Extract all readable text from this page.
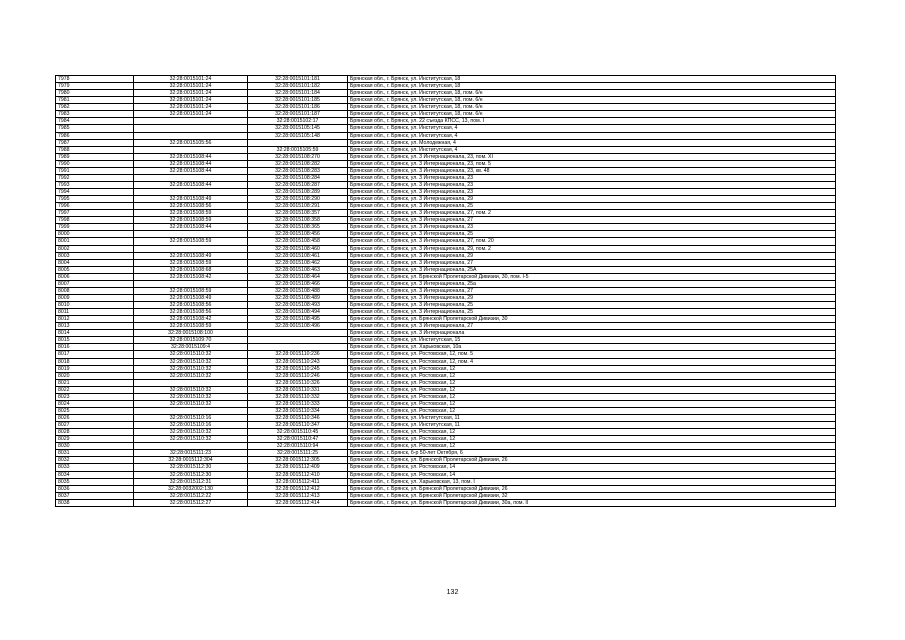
7978	32:28:0015101:24	32:28:0015101:181	Брянская обл., г. Брянск, ул. Институтская, 18
7979	32:28:0015101:24	32:28:0015101:182	Брянская обл., г. Брянск, ул. Институтская, 18
7980	32:28:0015101:24	32:28:0015101:184	Брянская обл., г. Брянск, ул. Институтская, 18, пом. 6/н
7981	32:28:0015101:24	32:28:0015101:185	Брянская обл., г. Брянск, ул. Институтская, 18, пом. 6/н
7982	32:28:0015101:24	32:28:0015101:186	Брянская обл., г. Брянск, ул. Институтская, 18, пом. 6/н
7983	32:28:0015101:24	32:28:0015101:187	Брянская обл., г. Брянск, ул. Институтская, 18, пом. 6/н
7984		32:28:0015102:17	Брянская обл., г. Брянск, ул. 22 съезда КПСС, 13, пом. I
7985		32:28:0015105:145	Брянская обл., г. Брянск, ул. Институтская, 4
7986		32:28:0015105:148	Брянская обл., г. Брянск, ул. Институтская, 4
7987	32:28:0015105:56		Брянская обл., г. Брянск, ул. Молодежная, 4
7988		32:28:0015105:59	Брянская обл., г. Брянск, ул. Институтская, 4
7989	32:28:0015108:44	32:28:0015108:270	Брянская обл., г. Брянск, ул. 3 Интернационала, 23, пом. XI
7990	32:28:0015108:44	32:28:0015108:282	Брянская обл., г. Брянск, ул. 3 Интернационала, 23, пом. 5
7991	32:28:0015108:44	32:28:0015108:283	Брянская обл., г. Брянск, ул. 3 Интернационала, 23, кв. 48
7992		32:28:0015108:284	Брянская обл., г. Брянск, ул. 3 Интернационала, 23
7993	32:28:0015108:44	32:28:0015108:287	Брянская обл., г. Брянск, ул. 3 Интернационала, 23
7994		32:28:0015108:289	Брянская обл., г. Брянск, ул. 3 Интернационала, 23
7995	32:28:0015108:49	32:28:0015108:290	Брянская обл., г. Брянск, ул. 3 Интернационала, 29
7996	32:28:0015108:56	32:28:0015108:291	Брянская обл., г. Брянск, ул. 3 Интернационала, 25
7997	32:28:0015108:59	32:28:0015108:357	Брянская обл., г. Брянск, ул. 3 Интернационала, 27, пом. 2
7998	32:28:0015108:59	32:28:0015108:358	Брянская обл., г. Брянск, ул. 3 Интернационала, 27
7999	32:28:0015108:44	32:28:0015108:365	Брянская обл., г. Брянск, ул. 3 Интернационала, 23
8000		32:28:0015108:456	Брянская обл., г. Брянск, ул. 3 Интернационала, 25
8001	32:28:0015108:59	32:28:0015108:458	Брянская обл., г. Брянск, ул. 3 Интернационала, 27, пом. 20
8002		32:28:0015108:460	Брянская обл., г. Брянск, ул. 3 Интернационала, 29, пом. 2
8003	32:28:0015108:49	32:28:0015108:461	Брянская обл., г. Брянск, ул. 3 Интернационала, 29
8004	32:28:0015108:59	32:28:0015108:462	Брянская обл., г. Брянск, ул. 3 Интернационала, 27
8005	32:28:0015108:68	32:28:0015108:463	Брянская обл., г. Брянск, ул. 3 Интернационала, 25А
8006	32:28:0015108:42	32:28:0015108:464	Брянская обл., г. Брянск, ул. Брянской Пролетарской Дивизии, 30, пом. I-5
8007		32:28:0015108:466	Брянская обл., г. Брянск, ул. 3 Интернационала, 25а
8008	32:28:0015108:59	32:28:0015108:488	Брянская обл., г. Брянск, ул. 3 Интернационала, 27
8009	32:28:0015108:49	32:28:0015108:489	Брянская обл., г. Брянск, ул. 3 Интернационала, 29
8010	32:28:0015108:56	32:28:0015108:493	Брянская обл., г. Брянск, ул. 3 Интернационала, 25
8011	32:28:0015108:56	32:28:0015108:494	Брянская обл., г. Брянск, ул. 3 Интернационала, 25
8012	32:28:0015108:42	32:28:0015108:495	Брянская обл., г. Брянск, ул. Брянской Пролетарской Дивизии, 30
8013	32:28:0015108:59	32:28:0015108:496	Брянская обл., г. Брянск, ул. 3 Интернационала, 27
8014	32:28:0015108:100		Брянская обл., г. Брянск, ул. 3 Интернационала
8015	32:28:0015109:70		Брянская обл., г. Брянск, ул. Институтская, 15
8016	32:28:0015109:4		Брянская обл., г. Брянск, ул. Харьковская, 10а
8017	32:28:0015110:32	32:28:0015110:236	Брянская обл., г. Брянск, ул. Ростовская, 12, пом. 5
8018	32:28:0015110:32	32:28:0015110:243	Брянская обл., г. Брянск, ул. Ростовская, 12, пом. 4
8019	32:28:0015110:32	32:28:0015110:245	Брянская обл., г. Брянск, ул. Ростовская, 12
8020	32:28:0015110:32	32:28:0015110:246	Брянская обл., г. Брянск, ул. Ростовская, 12
8021		32:28:0015110:326	Брянская обл., г. Брянск, ул. Ростовская, 12
8022	32:28:0015110:32	32:28:0015110:331	Брянская обл., г. Брянск, ул. Ростовская, 12
8023	32:28:0015110:32	32:28:0015110:332	Брянская обл., г. Брянск, ул. Ростовская, 12
8024	32:28:0015110:32	32:28:0015110:333	Брянская обл., г. Брянск, ул. Ростовская, 12
8025		32:28:0015110:334	Брянская обл., г. Брянск, ул. Ростовская, 12
8026	32:28:0015110:16	32:28:0015110:346	Брянская обл., г. Брянск, ул. Институтская, 11
8027	32:28:0015110:16	32:28:0015110:347	Брянская обл., г. Брянск, ул. Институтская, 11
8028	32:28:0015110:32	32:28:0015110:45	Брянская обл., г. Брянск, ул. Ростовская, 12
8029	32:28:0015110:32	32:28:0015110:47	Брянская обл., г. Брянск, ул. Ростовская, 12
8030		32:28:0015110:94	Брянская обл., г. Брянск, ул. Ростовская, 12
8031	32:28:0015111:23	32:28:0015111:25	Брянская обл., г. Брянск, б-р 50-лет Октября, 6
8032	32:28:0015112:304	32:28:0015112:305	Брянская обл., г. Брянск, ул. Брянской Пролетарской Дивизии, 26
8033	32:28:0015112:30	32:28:0015112:409	Брянская обл., г. Брянск, ул. Ростовская, 14
8034	32:28:0015112:30	32:28:0015112:410	Брянская обл., г. Брянск, ул. Ростовская, 14
8035	32:28:0015112:31	32:28:0015112:411	Брянская обл., г. Брянск, ул. Харьковская, 13, пом. I
8036	32:28:0032002:130	32:28:0015112:412	Брянская обл., г. Брянск, ул. Брянской Пролетарской Дивизии, 26
8037	32:28:0015112:22	32:28:0015112:413	Брянская обл., г. Брянск, ул. Брянской Пролетарской Дивизии, 32
8038	32:28:0015112:27	32:28:0015112:414	Брянская обл., г. Брянск, ул. Брянской Пролетарской Дивизии, 30а, пом. II
132
